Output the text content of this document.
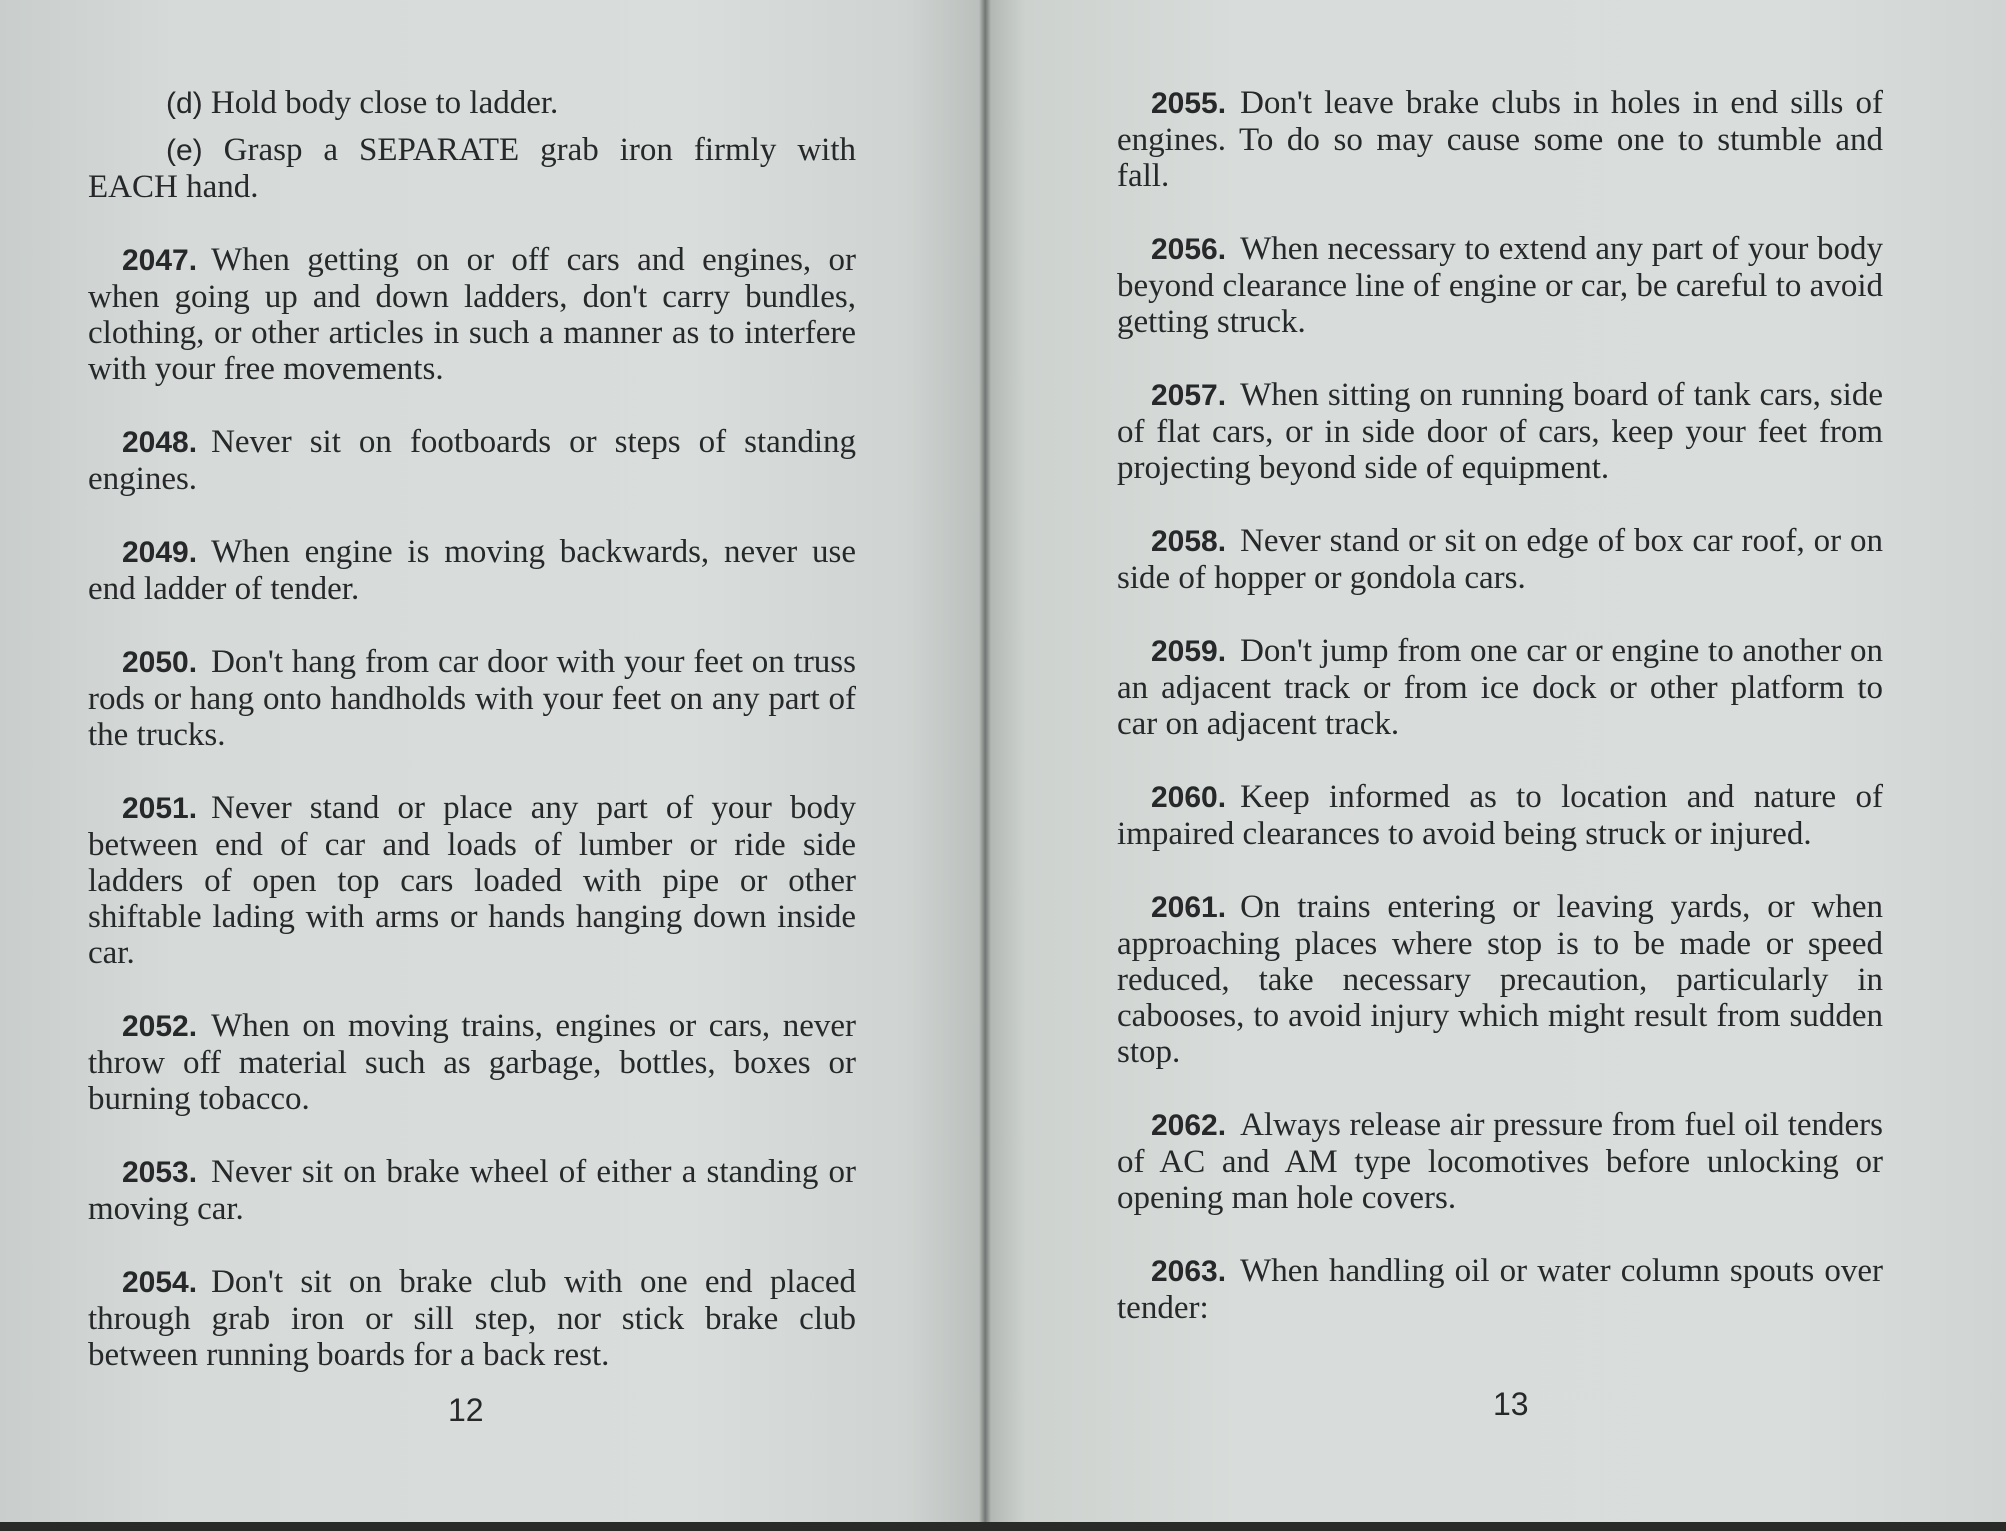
(d) Hold body close to ladder.

(e) Grasp a SEPARATE grab iron firmly with EACH hand.

2047. When getting on or off cars and engines, or when going up and down ladders, don't carry bundles, clothing, or other articles in such a manner as to interfere with your free movements.

2048. Never sit on footboards or steps of standing engines.

2049. When engine is moving backwards, never use end ladder of tender.

2050. Don't hang from car door with your feet on truss rods or hang onto handholds with your feet on any part of the trucks.

2051. Never stand or place any part of your body between end of car and loads of lumber or ride side ladders of open top cars loaded with pipe or other shiftable lading with arms or hands hanging down inside car.

2052. When on moving trains, engines or cars, never throw off material such as garbage, bottles, boxes or burning tobacco.

2053. Never sit on brake wheel of either a standing or moving car.

2054. Don't sit on brake club with one end placed through grab iron or sill step, nor stick brake club between running boards for a back rest.

12

2055. Don't leave brake clubs in holes in end sills of engines. To do so may cause some one to stumble and fall.

2056. When necessary to extend any part of your body beyond clearance line of engine or car, be careful to avoid getting struck.

2057. When sitting on running board of tank cars, side of flat cars, or in side door of cars, keep your feet from projecting beyond side of equipment.

2058. Never stand or sit on edge of box car roof, or on side of hopper or gondola cars.

2059. Don't jump from one car or engine to another on an adjacent track or from ice dock or other platform to car on adjacent track.

2060. Keep informed as to location and nature of impaired clearances to avoid being struck or injured.

2061. On trains entering or leaving yards, or when approaching places where stop is to be made or speed reduced, take necessary precaution, particularly in cabooses, to avoid injury which might result from sudden stop.

2062. Always release air pressure from fuel oil tenders of AC and AM type locomotives before unlocking or opening man hole covers.

2063. When handling oil or water column spouts over tender:

13
